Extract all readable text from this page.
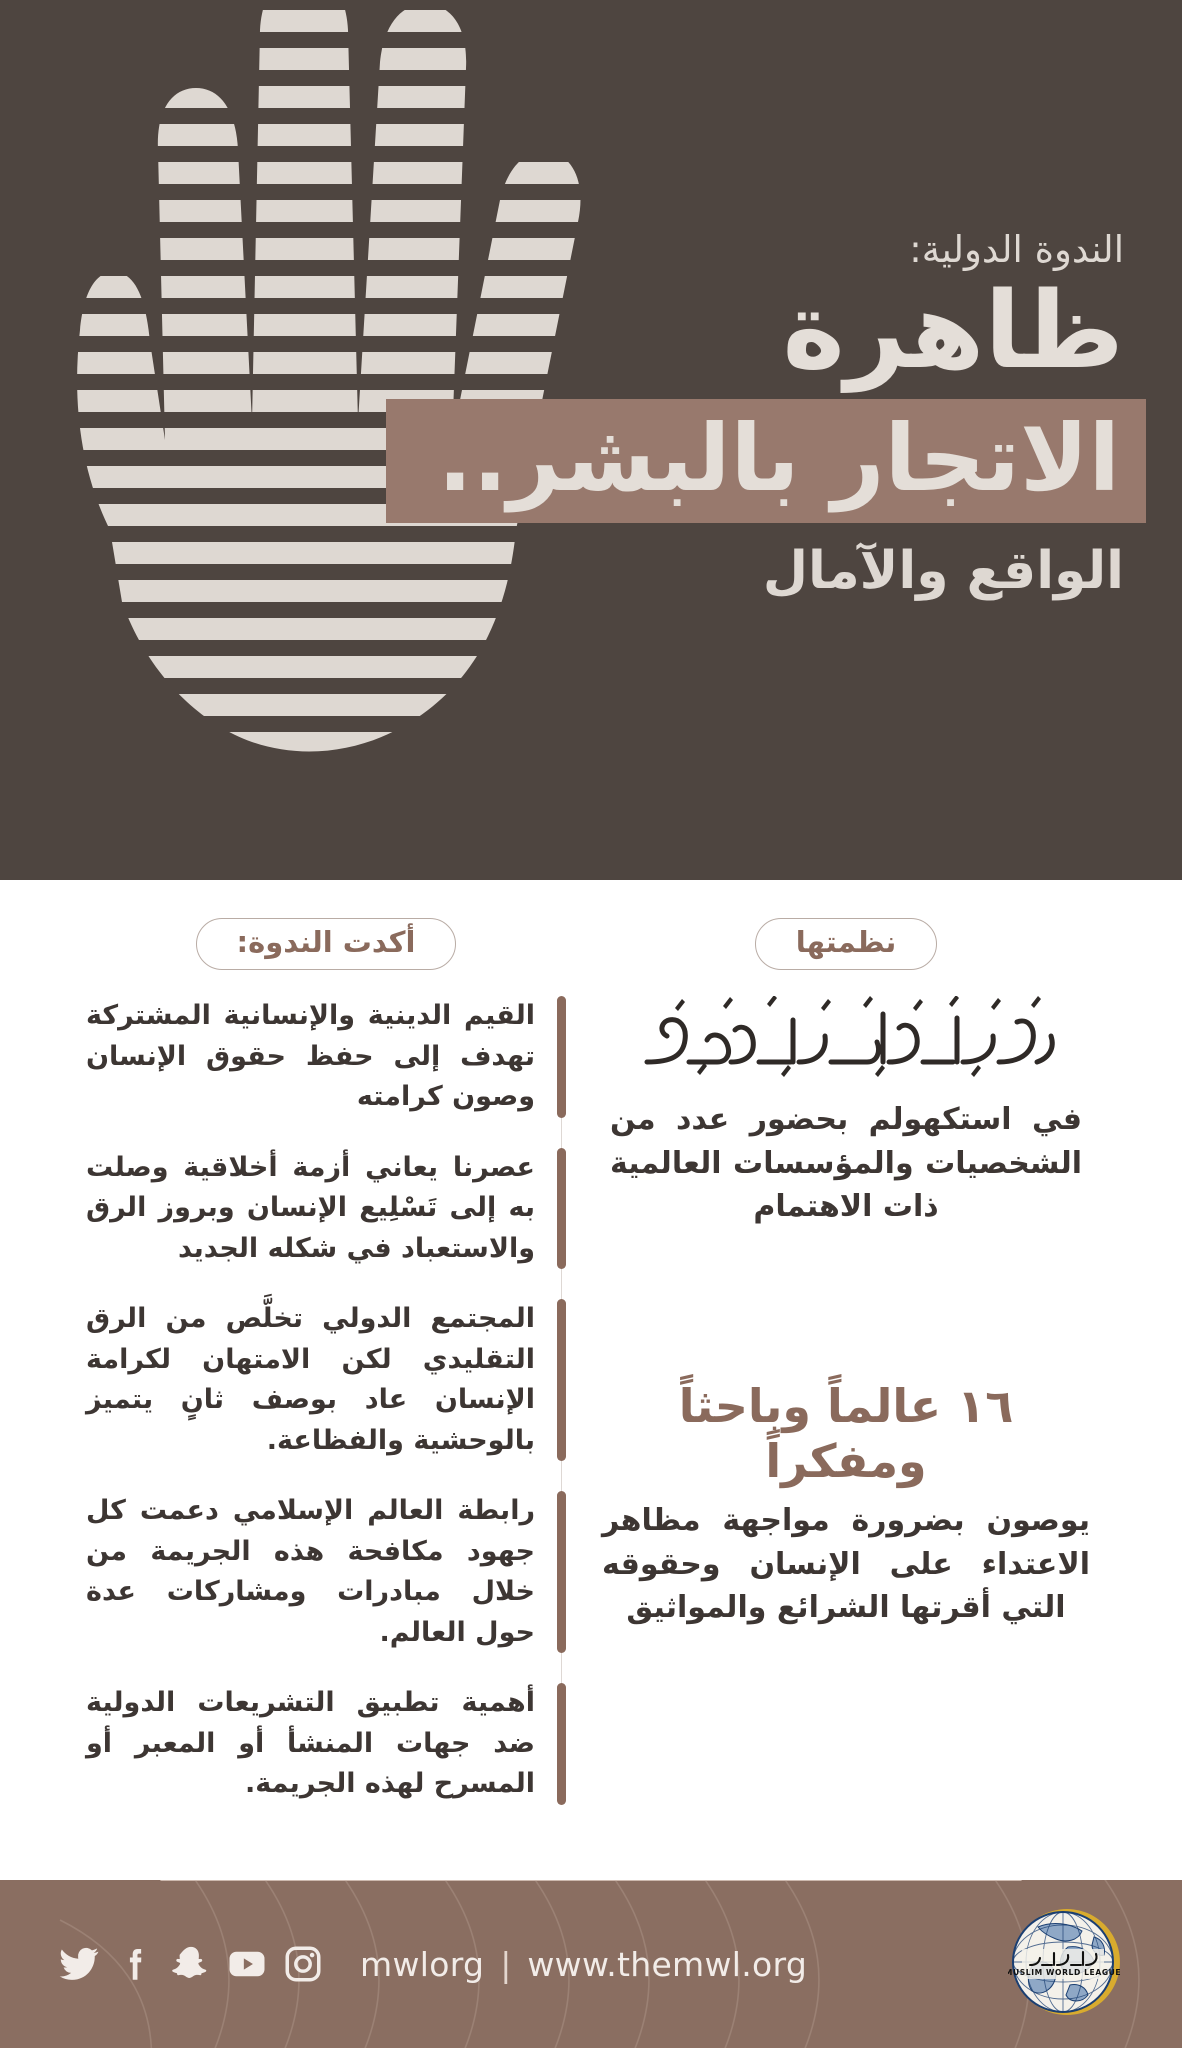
الندوة الدولية:

ظاهرة
الاتجار بالبشر..
الواقع والآمال
نظمتها

في استكهولم بحضور عدد من الشخصيات والمؤسسات العالمية ذات الاهتمام

١٦ عالماً وباحثاً ومفكراً

يوصون بضرورة مواجهة مظاهر الاعتداء على الإنسان وحقوقه التي أقرتها الشرائع والمواثيق

أكدت الندوة:
القيم الدينية والإنسانية المشتركة تهدف إلى حفظ حقوق الإنسان وصون كرامته
عصرنا يعاني أزمة أخلاقية وصلت به إلى تَسْلِيع الإنسان وبروز الرق والاستعباد في شكله الجديد
المجتمع الدولي تخلَّص من الرق التقليدي لكن الامتهان لكرامة الإنسان عاد بوصف ثانٍ يتميز بالوحشية والفظاعة.
رابطة العالم الإسلامي دعمت كل جهود مكافحة هذه الجريمة من خلال مبادرات ومشاركات عدة حول العالم.
أهمية تطبيق التشريعات الدولية ضد جهات المنشأ أو المعبر أو المسرح لهذه الجريمة.
mwlorg | www.themwl.org	MUSLIM WORLD LEAGUE
